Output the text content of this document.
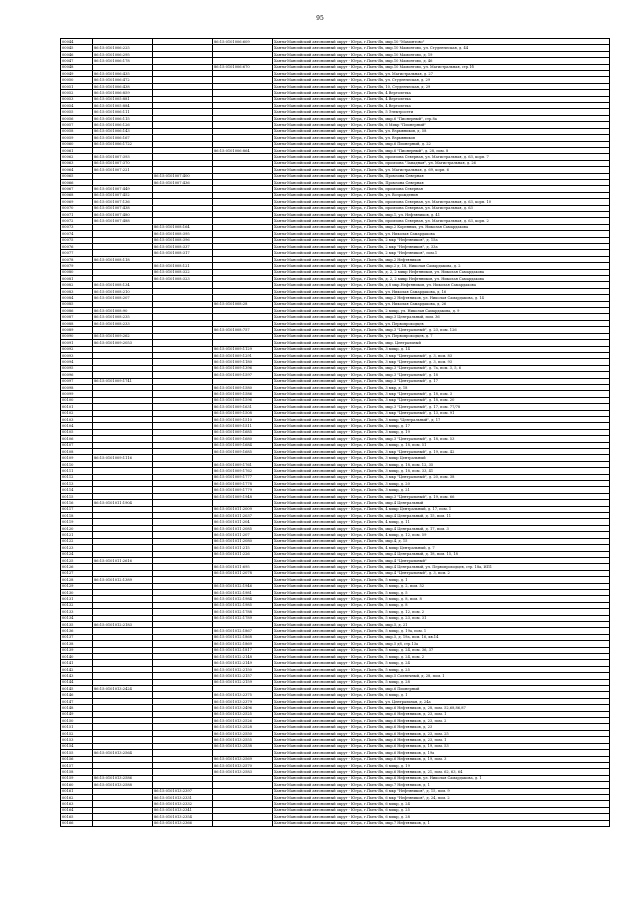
95
00044			86:15:0101006:609	Ханты-Мансийский автономный округ - Югра, г.Пыть-Ях, мкр.10 "Мамонтово"
00045	86:15:0101006:225			Ханты-Мансийский автономный округ - Югра, г.Пыть-Ях, мкр.10 Мамонтово, ул. Студенческая, д. 44
00046	86:15:0101006:295			Ханты-Мансийский автономный округ - Югра, г.Пыть-Ях, мкр.10 Мамонтово, д. 19
00047	86:15:0101006:178			Ханты-Мансийский автономный округ - Югра, г.Пыть-Ях, мкр.10 Мамонтово, д. 46
00048			86:15:0101006:670	Ханты-Мансийский автономный округ - Югра, г.Пыть-Ях, мкр.10 Мамонтово, ул. Магистральная, стр.1б
00049	86:15:0101006:435			Ханты-Мансийский автономный округ - Югра, г.Пыть-Ях, ул. Магистральная, д. 27
00050	86:15:0101006:472			Ханты-Мансийский автономный округ - Югра, г.Пыть-Ях, ул. Студенческая, д. 29
00051	86:15:0101006:438			Ханты-Мансийский автономный округ - Югра, г.Пыть-Ях, 10, Студенческая, д. 29
00052	86:15:0101006:859			Ханты-Мансийский автономный округ - Югра, г.Пыть-Ях, 4 Вертолетка
00053	86:15:0101005:881			Ханты-Мансийский автономный округ - Югра, г.Пыть-Ях, 4 Вертолетка
00054	86:15:0101005:884			Ханты-Мансийский автономный округ - Югра, г.Пыть-Ях, 4 Вертолетка
00055	86:15:0101006:111			Ханты-Мансийский автономный округ - Югра, г.Пыть-Ях, 5 Электросети
00056	86:15:0101006:115			Ханты-Мансийский автономный округ - Югра, г.Пыть-Ях, мкр.6 "Пионерный", стр.8а
00057	86:15:0101006:126			Ханты-Мансийский автономный округ - Югра, г.Пыть-Ях, 6 Микр "Пионерный"
00058	86:15:0101006:143			Ханты-Мансийский автономный округ - Югра, г.Пыть-Ях, ул. Взрывников, д. 58
00059	86:15:0101006:167			Ханты-Мансийский автономный округ - Югра, г.Пыть-Ях, ул. Взрывников
00060	86:15:0101006:1722			Ханты-Мансийский автономный округ - Югра, г.Пыть-Ях, мкр.6 Пионерный, д. 22
00061			86:15:0101006:864	Ханты-Мансийский автономный округ - Югра, г.Пыть-Ях, мкр.6 "Пионерный", д. 28, пом. 8
00062	86:15:0101007:393			Ханты-Мансийский автономный округ - Югра, г.Пыть-Ях, промзона Северная, ул. Магистральная, д. 63, корп. 7
00063	86:15:0101007:370			Ханты-Мансийский автономный округ - Югра, г.Пыть-Ях, промзона "Западная", ул. Магистральная, д. 26
00064	86:15:0101007:221			Ханты-Мансийский автономный округ - Югра, г.Пыть-Ях, ул. Магистральная, д. 69, корп. 6
00065		86:15:0101007:400		Ханты-Мансийский автономный округ - Югра, г.Пыть-Ях, Промзона Северная
00066		86:15:0101007:436		Ханты-Мансийский автономный округ - Югра, г.Пыть-Ях, Промзона Северная
00067	86:15:0101007:449			Ханты-Мансийский автономный округ - Югра, г.Пыть-Ях, промзона Северная
00068	86:15:0101007:452			Ханты-Мансийский автономный округ - Югра, г.Пыть-Ях, ул. Возрождения
00069	86:15:0101007:136			Ханты-Мансийский автономный округ - Югра, г.Пыть-Ях, промзона Северная, ул. Магистральная, д. 63, корп. 10
00070	86:15:0101007:438			Ханты-Мансийский автономный округ - Югра, г.Пыть-Ях, промзона Северная, ул. Магистральная, д. 63
00071	86:15:0101007:480			Ханты-Мансийский автономный округ - Югра, г.Пыть-Ях, мкр.1, ул. Нефтяников, д. 41
00072	86:15:0101007:488			Ханты-Мансийский автономный округ - Югра, г.Пыть-Ях, промзона Северная, ул. Магистральная, д. 63, корп. 2
00073		86:15:0101008:164		Ханты-Мансийский автономный округ - Югра, г.Пыть-Ях, мкр.2 Коренных, ул. Николая Самардакова
00074		86:15:0101008:395		Ханты-Мансийский автономный округ - Югра, г.Пыть-Ях, ул. Николая Самардакова
00075		86:15:0101008:396		Ханты-Мансийский автономный округ - Югра, г.Пыть-Ях, 2 мкр "Нефтяников", д. 15а
00076		86:15:0101008:337		Ханты-Мансийский автономный округ - Югра, г.Пыть-Ях, 2 мкр "Нефтяников", д. 33а
00077		86:15:0101008:317		Ханты-Мансийский автономный округ - Югра, г.Пыть-Ях, 2 мкр "Нефтяников", пом.1
00078	86:15:0101008:118			Ханты-Мансийский автономный округ - Югра, г.Пыть-Ях, мкр.2 Нефтяников
00079		86:15:0101008:121		Ханты-Мансийский автономный округ - Югра, г.Пыть-Ях, мкр.2 д. 18, Николая Самардакова, д. 2
00080		86:15:0101008:322		Ханты-Мансийский автономный округ - Югра, г.Пыть-Ях, д. 2, 2 микр Нефтяников, ул. Николая Самардакова
00081		86:15:0101008:323		Ханты-Мансийский автономный округ - Югра, г.Пыть-Ях, д. 2, 2 микр Нефтяников, ул. Николая Самардакова
00082	86:15:0101008:134			Ханты-Мансийский автономный округ - Югра, г.Пыть-Ях, д.8 мкр.Нефтяников, ул. Николая Самардакова
00083	86:15:0101008:210			Ханты-Мансийский автономный округ - Югра, г.Пыть-Ях, ул. Николая Самардакова, д. 16
00084	86:15:0101008:207			Ханты-Мансийский автономный округ - Югра, г.Пыть-Ях, мкр.2 Нефтяников, ул. Николая Самардакова, д. 14
00085			86:15:0101008:28	Ханты-Мансийский автономный округ - Югра, г.Пыть-Ях, ул. Николая Самардакова, д. 26
00086	86:15:0101008:90			Ханты-Мансийский автономный округ - Югра, г.Пыть-Ях, 2 микр, ул. Николая Самардакова, д. 9
00087	86:15:0101008:235			Ханты-Мансийский автономный округ - Югра, г.Пыть-Ях, мкр.3 Центральный, пом. 36
00088	86:15:0101008:233			Ханты-Мансийский автономный округ - Югра, г.Пыть-Ях, ул. Первопроходцев
00089			86:15:0101008:757	Ханты-Мансийский автономный округ - Югра, г.Пыть-Ях, мкр.3 "Центральный", д. 23, пом. 126
00090	86:15:0101009:262			Ханты-Мансийский автономный округ - Югра, г.Пыть-Ях, ул. Первопроходцев, д. 7
00091	86:15:0101009:2053			Ханты-Мансийский автономный округ - Югра, г.Пыть-Ях, мкр. Центральный
00092			86:15:0101009:1129	Ханты-Мансийский автономный округ - Югра, г.Пыть-Ях, 3 микр, д. 14
00093			86:15:0101009:1291	Ханты-Мансийский автономный округ - Югра, г.Пыть-Ях, 3 мкр "Центральный", д. 3, пом. 83
00094			86:15:0101009:1180	Ханты-Мансийский автономный округ - Югра, г.Пыть-Ях, 3 мкр "Центральный", д. 3, пом. 93
00095			86:15:0101009:1396	Ханты-Мансийский автономный округ - Югра, г.Пыть-Ях, мкр.3 "Центральный", д. 7а, пом. 3, 5, 6
00096			86:15:0101009:1597	Ханты-Мансийский автономный округ - Югра, г.Пыть-Ях, мкр.3 "Центральный", д. 18
00097	86:15:0101009:1741			Ханты-Мансийский автономный округ - Югра, г.Пыть-Ях, мкр.3 "Центральный", д. 17
00098			86:15:0101009:1580	Ханты-Мансийский автономный округ - Югра, г.Пыть-Ях, 3 мкр, д. 18
00099			86:15:0101009:1586	Ханты-Мансийский автономный округ - Югра, г.Пыть-Ях, 3 мкр "Центральный", д. 18, пом. 3
00100			86:15:0101009:1596	Ханты-Мансийский автономный округ - Югра, г.Пыть-Ях, 3 мкр "Центральный", д. 18, пом. 20
00101			86:15:0101009:1631	Ханты-Мансийский автономный округ - Югра, г.Пыть-Ях, мкр.3 "Центральный", д. 17, пом. 77/78
00102			86:15:0101009:1508	Ханты-Мансийский автономный округ - Югра, г.Пыть-Ях, 3 мкр "Центральный", д. 13, пом. 91
00103			86:15:0101009:1510	Ханты-Мансийский автономный округ - Югра, г.Пыть-Ях, 3 микр "Центральный", д. 17
00104			86:15:0101009:1511	Ханты-Мансийский автономный округ - Югра, г.Пыть-Ях, 3 микр, д. 17
00105			86:15:0101009:1685	Ханты-Мансийский автономный округ - Югра, г.Пыть-Ях, 3 микр, д. 19
00106			86:15:0101009:1680	Ханты-Мансийский автономный округ - Югра, г.Пыть-Ях, мкр.3 "Центральный", д. 18, пом. 53
00107			86:15:0101009:1684	Ханты-Мансийский автономный округ - Югра, г.Пыть-Ях, 3 микр, д. 18, пом. 51
00108			86:15:0101009:1685	Ханты-Мансийский автономный округ - Югра, г.Пыть-Ях, 3 мкр "Центральный", д. 19, пом. 42
00109	86:15:0101009:1116			Ханты-Мансийский автономный округ - Югра, г.Пыть-Ях, 3 микр Центральный
00110			86:15:0101009:1761	Ханты-Мансийский автономный округ - Югра, г.Пыть-Ях, 3 микр, д. 18, пом. 12, 35
00111			86:15:0101009:1762	Ханты-Мансийский автономный округ - Югра, г.Пыть-Ях, 3 микр, д. 18, пом. 33, 41
00112			86:15:0101009:1777	Ханты-Мансийский автономный округ - Югра, г.Пыть-Ях, 3 мкр "Центральный", д. 20, пом. 38
00113			86:15:0101009:1778	Ханты-Мансийский автономный округ - Югра, г.Пыть-Ях, 3 микр, д. 20
00114			86:15:0101009:1779	Ханты-Мансийский автономный округ - Югра, г.Пыть-Ях, 3 микр, д. 21
00115			86:15:0101009:1948	Ханты-Мансийский автономный округ - Югра, г.Пыть-Ях, мкр.3 "Центральный", д. 19, пом. 66
00116	86:15:0101011:1904			Ханты-Мансийский автономный округ - Югра, г.Пыть-Ях, мкр.4 Центральный
00117			86:15:0101011:2009	Ханты-Мансийский автономный округ - Югра, г.Пыть-Ях, 4 микр Центральный, д. 17, пом. 1
00118			86:15:0101011:2037	Ханты-Мансийский автономный округ - Югра, г.Пыть-Ях, мкр.4 Центральный, д. 15, пом. 11
00119			86:15:0101011:204	Ханты-Мансийский автономный округ - Югра, г.Пыть-Ях, 4 микр, д. 11
00120			86:15:0101011:2085	Ханты-Мансийский автономный округ - Югра, г.Пыть-Ях, мкр.4 Центральный, д. 17, пом. 3
00121			86:15:0101011:207	Ханты-Мансийский автономный округ - Югра, г.Пыть-Ях, 4 микр, д. 12, пом. 59
00122			86:15:0101011:2080	Ханты-Мансийский автономный округ - Югра, г.Пыть-Ях, мкр.4, д. 15
00123			86:15:0101011:215	Ханты-Мансийский автономный округ - Югра, г.Пыть-Ях, 4 микр Центральный, д. 7
00124			86:15:0101011:226	Ханты-Мансийский автономный округ - Югра, г.Пыть-Ях, мкр.4 Центральный, д. 18, пом. 15, 18
00125	86:15:0101011:2616			Ханты-Мансийский автономный округ - Югра, г.Пыть-Ях, мкр.4 "Центральный"
00126			86:15:0101011:695	Ханты-Мансийский автономный округ - Югра, г.Пыть-Ях, мкр.4 Центральный, ул. Первопроходцев, стр. 18а, ИП1
00127			86:15:0101011:2078	Ханты-Мансийский автономный округ - Югра, г.Пыть-Ях, мкр.4 "Центральный", д. 3, пом. 2
00128	86:15:0101012:1389			Ханты-Мансийский автономный округ - Югра, г.Пыть-Ях, 5 микр, д. 1
00129			86:15:0101012:1946	Ханты-Мансийский автономный округ - Югра, г.Пыть-Ях, 5 микр, д. 2, пом. 52
00130			86:15:0101012:1981	Ханты-Мансийский автономный округ - Югра, г.Пыть-Ях, 5 микр, д. 5
00131			86:15:0101012:1984	Ханты-Мансийский автономный округ - Югра, г.Пыть-Ях, 5 микр, д. 8, пом. 8
00132			86:15:0101012:1985	Ханты-Мансийский автономный округ - Югра, г.Пыть-Ях, 5 микр, д. 8
00133			86:15:0101012:1788	Ханты-Мансийский автономный округ - Югра, г.Пыть-Ях, 5 микр, д. 12, пом. 2
00134			86:15:0101012:1789	Ханты-Мансийский автономный округ - Югра, г.Пыть-Ях, 5 микр, д. 23, пом. 31
00135	86:15:0101012:2183			Ханты-Мансийский автономный округ - Югра, г.Пыть-Ях, мкр.5, д. 21
00136			86:15:0101012:1867	Ханты-Мансийский автономный округ - Югра, г.Пыть-Ях, 5 микр, д. 19а, пом. 1
00137			86:15:0101012:1868	Ханты-Мансийский автономный округ - Югра, г.Пыть-Ях, мкр.5, д. 19а, пом. 16, кв.14
00138			86:15:0101012:1869	Ханты-Мансийский автономный округ - Югра, г.Пыть-Ях, мкр.5 д8, стр.13а
00139			86:15:0101012:1817	Ханты-Мансийский автономный округ - Югра, г.Пыть-Ях, 5 микр, д. 24, пом. 36, 37
00140			86:15:0101012:2148	Ханты-Мансийский автономный округ - Югра, г.Пыть-Ях, 5 микр, д. 24, пом. 2
00141			86:15:0101012:2149	Ханты-Мансийский автономный округ - Югра, г.Пыть-Ях, 5 микр, д. 24
00142			86:15:0101012:2150	Ханты-Мансийский автономный округ - Югра, г.Пыть-Ях, 5 микр, д. 25
00143			86:15:0101012:2157	Ханты-Мансийский автономный округ - Югра, г.Пыть-Ях, мкр.5 Солнечный, д. 28, пом. 1
00144			86:15:0101012:2159	Ханты-Мансийский автономный округ - Югра, г.Пыть-Ях, 5 микр, д. 28
00145	86:15:0101013:2424			Ханты-Мансийский автономный округ - Югра, г.Пыть-Ях, мкр.6 Пионерный
00146			86:15:0101013:2375	Ханты-Мансийский автономный округ - Югра, г.Пыть-Ях, 6 микр, д. 1
00147			86:15:0101013:2379	Ханты-Мансийский автономный округ - Югра, г.Пыть-Ях, ул. Центральная, д. 24а
00148			86:15:0101013:2496	Ханты-Мансийский автономный округ - Югра, г.Пыть-Ях, мкр.6 Нефтяников, д. 28, пом. 52,68,86,87
00149			86:15:0101013:2525	Ханты-Мансийский автономный округ - Югра, г.Пыть-Ях, мкр.6 Нефтяников, д. 23, пом. 1
00150			86:15:0101013:2526	Ханты-Мансийский автономный округ - Югра, г.Пыть-Ях, мкр.6 Нефтяников, д. 23, пом. 2
00151			86:15:0101013:2528	Ханты-Мансийский автономный округ - Югра, г.Пыть-Ях, мкр.6 Нефтяников, д. 23
00152			86:15:0101013:2550	Ханты-Мансийский автономный округ - Югра, г.Пыть-Ях, мкр.6 Нефтяников, д. 23, пом. 25
00153			86:15:0101013:2555	Ханты-Мансийский автономный округ - Югра, г.Пыть-Ях, мкр.6 Нефтяников, д. 23, пом. 1
00154			86:15:0101013:2538	Ханты-Мансийский автономный округ - Югра, г.Пыть-Ях, мкр.6 Нефтяников, д. 19, пом. 53
00155	86:15:0101013:2564			Ханты-Мансийский автономный округ - Югра, г.Пыть-Ях, мкр.6 Нефтяников, д. 19а
00156			86:15:0101013:2569	Ханты-Мансийский автономный округ - Югра, г.Пыть-Ях, мкр.6 Нефтяников, д. 19, пом. 3
00157			86:15:0101013:2570	Ханты-Мансийский автономный округ - Югра, г.Пыть-Ях, 6 микр, д. 19
00158			86:15:0101013:2583	Ханты-Мансийский автономный округ - Югра, г.Пыть-Ях, мкр.6 Нефтяников, д. 21, пом. 62, 63, 64
00159	86:15:0101013:2586			Ханты-Мансийский автономный округ - Югра, г.Пыть-Ях, мкр.6 Нефтяников, ул. Николая Самардакова, д. 1
00160	86:15:0101013:2588			Ханты-Мансийский автономный округ - Югра, г.Пыть-Ях, мкр.7 Нефтяников, д. 1
00161		86:15:0101013:2397		Ханты-Мансийский автономный округ - Югра, г.Пыть-Ях, 6 мкр "Нефтяников", д. 15, пом. 9
00162		86:15:0101013:2331		Ханты-Мансийский автономный округ - Югра, г.Пыть-Ях, 6 мкр "Нефтяников", д. 24, пом. 2
00163		86:15:0101013:2332		Ханты-Мансийский автономный округ - Югра, г.Пыть-Ях, 6 микр, д. 24
00164		86:15:0101013:2341		Ханты-Мансийский автономный округ - Югра, г.Пыть-Ях, 6 микр, д. 25
00165		86:15:0101013:2354		Ханты-Мансийский автономный округ - Югра, г.Пыть-Ях, 6 микр, д. 28
00166		86:15:0101013:2366		Ханты-Мансийский автономный округ - Югра, г.Пыть-Ях, мкр.7 Нефтяников, д. 1
